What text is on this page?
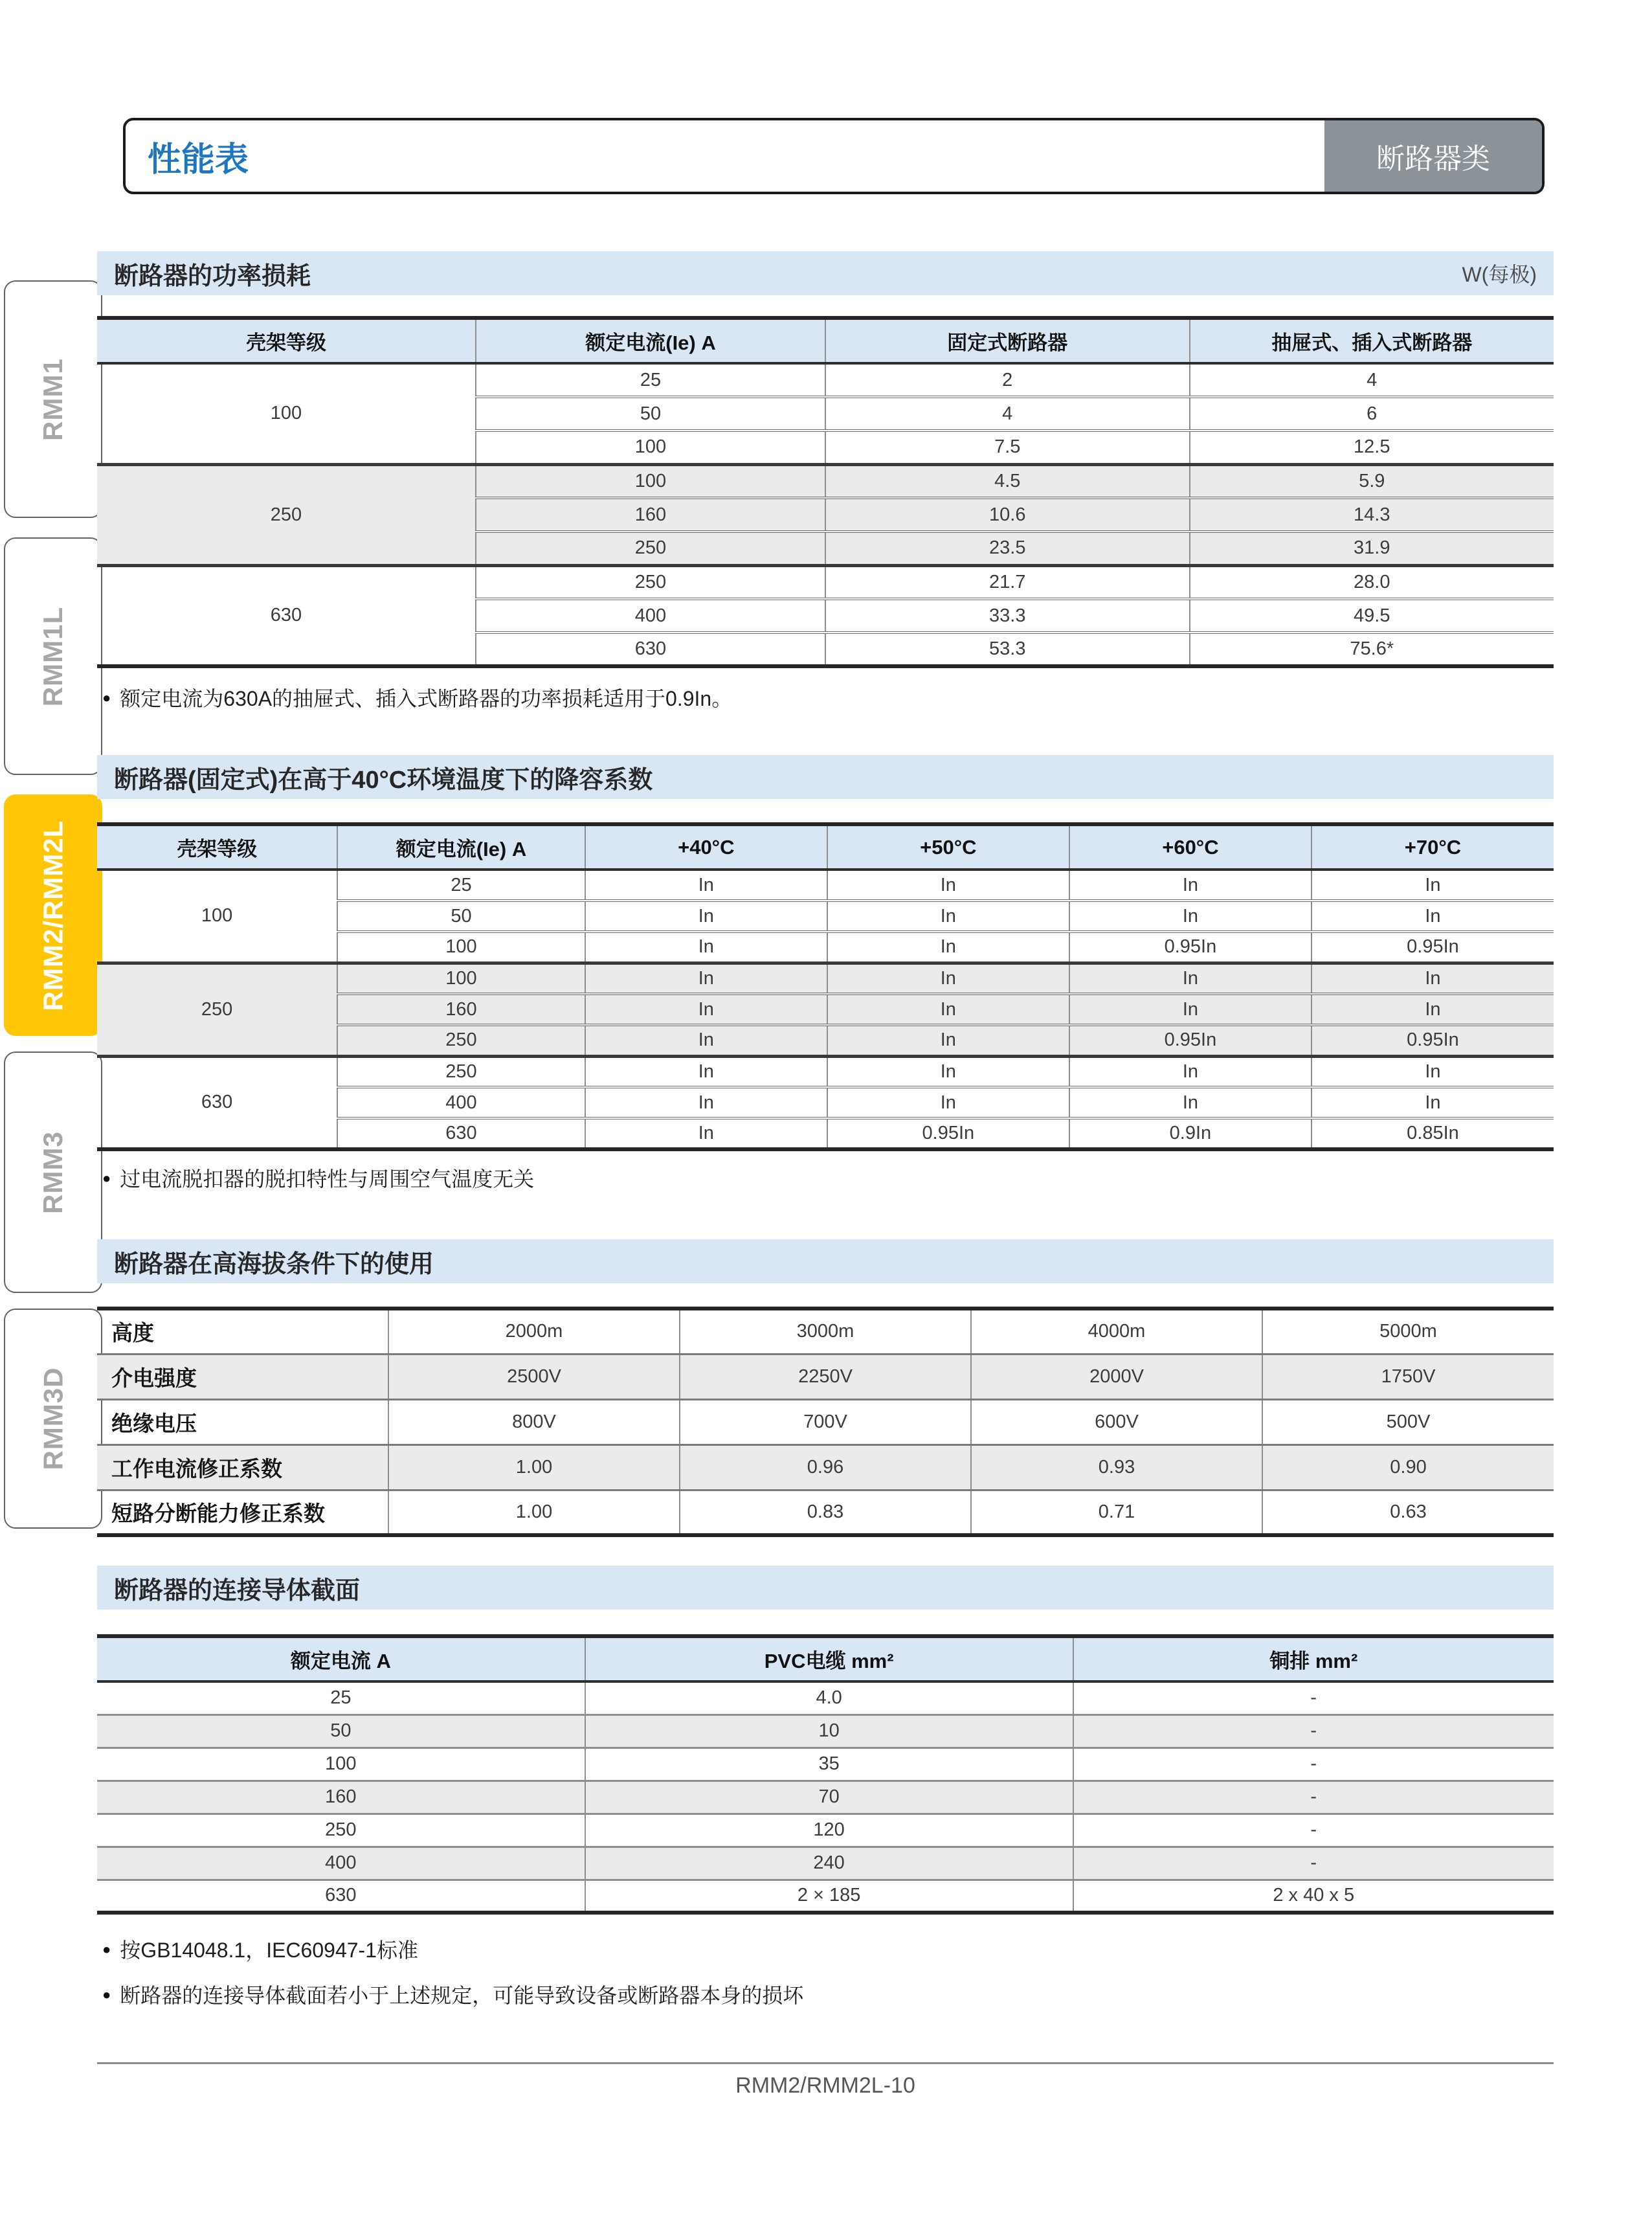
RMM1
RMM1L
RMM2/RMM2L
RMM3
RMM3D
性能表	断路器类
断路器的功率损耗	W(每极)
壳架等级	额定电流(Ie) A	固定式断路器	抽屉式、插入式断路器
100	25	2	4
	50	4	6
	100	7.5	12.5
250	100	4.5	5.9
	160	10.6	14.3
	250	23.5	31.9
630	250	21.7	28.0
	400	33.3	49.5
	630	53.3	75.6*
● 额定电流为630A的抽屉式、插入式断路器的功率损耗适用于0.9In。
断路器(固定式)在高于40°C环境温度下的降容系数
壳架等级	额定电流(Ie) A	+40°C	+50°C	+60°C	+70°C
100	25	In	In	In	In
	50	In	In	In	In
	100	In	In	0.95In	0.95In
250	100	In	In	In	In
	160	In	In	In	In
	250	In	In	0.95In	0.95In
630	250	In	In	In	In
	400	In	In	In	In
	630	In	0.95In	0.9In	0.85In
● 过电流脱扣器的脱扣特性与周围空气温度无关
断路器在高海拔条件下的使用
高度	2000m	3000m	4000m	5000m
介电强度	2500V	2250V	2000V	1750V
绝缘电压	800V	700V	600V	500V
工作电流修正系数	1.00	0.96	0.93	0.90
短路分断能力修正系数	1.00	0.83	0.71	0.63
断路器的连接导体截面
额定电流 A	PVC电缆 mm²	铜排 mm²
25	4.0	-
50	10	-
100	35	-
160	70	-
250	120	-
400	240	-
630	2 × 185	2 x 40 x 5
● 按GB14048.1，IEC60947-1标准
● 断路器的连接导体截面若小于上述规定，可能导致设备或断路器本身的损坏
RMM2/RMM2L-10
